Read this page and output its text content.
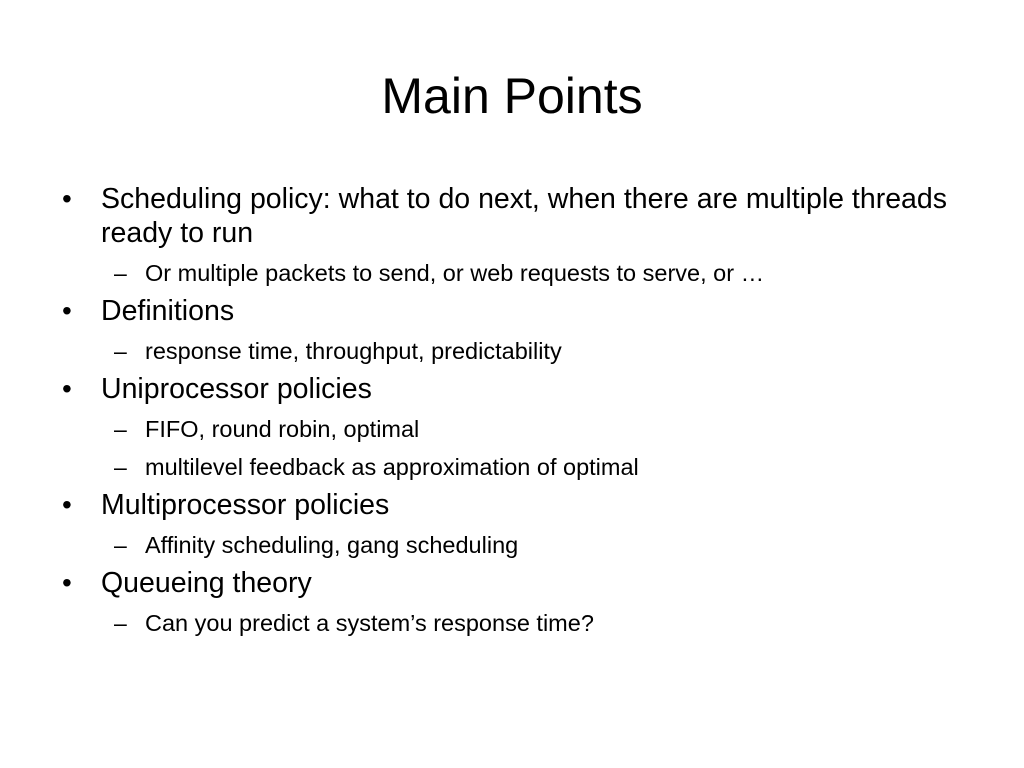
Main Points
•	Scheduling policy: what to do next, when there are multiple threads ready to run
– Or multiple packets to send, or web requests to serve, or …
•	Definitions
– response time, throughput, predictability
•	Uniprocessor policies
– FIFO, round robin, optimal
– multilevel feedback as approximation of optimal
•	Multiprocessor policies
– Affinity scheduling, gang scheduling
•	Queueing theory
– Can you predict a system’s response time?
